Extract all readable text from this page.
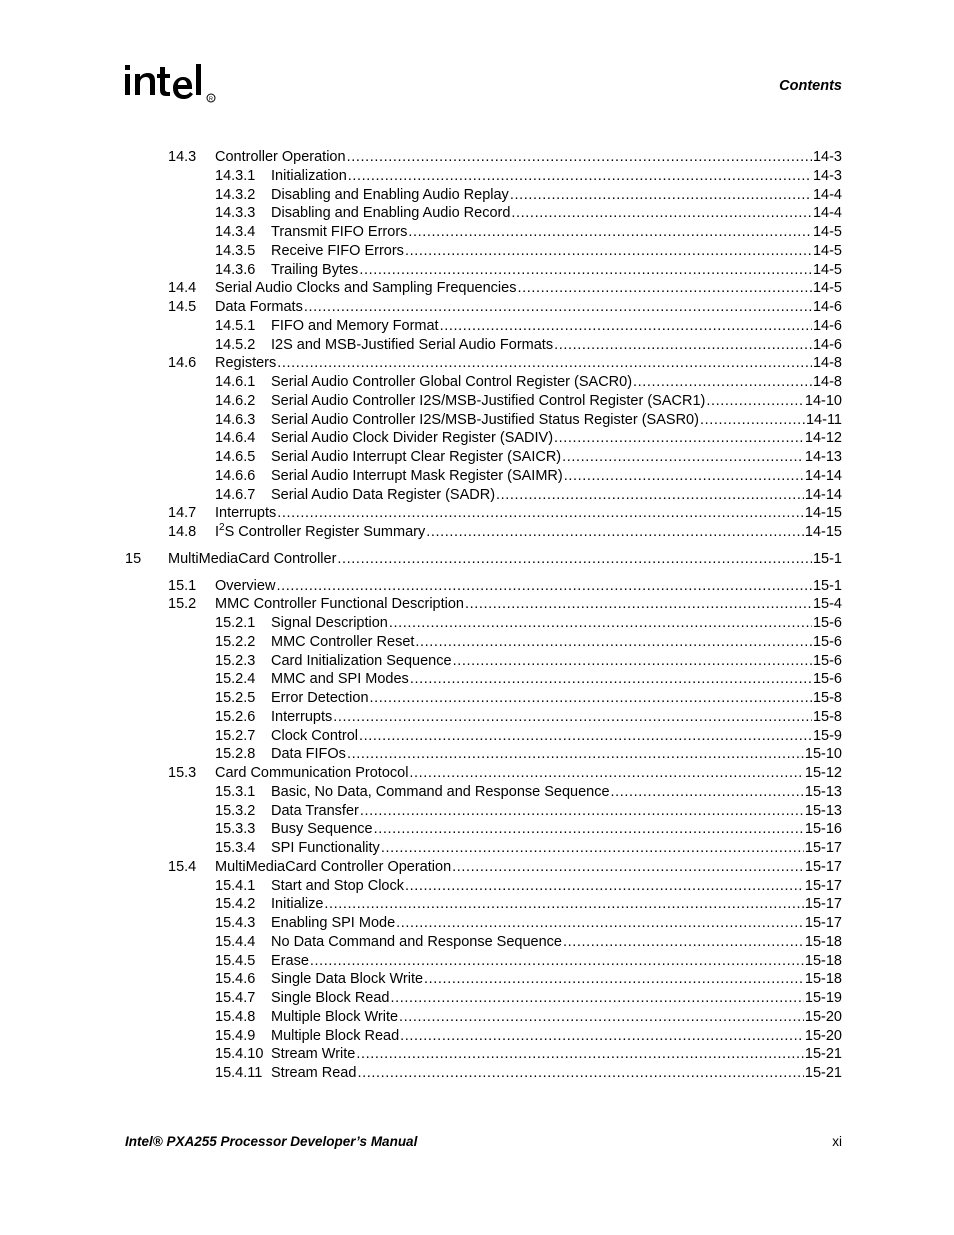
R
Contents
14.3 Controller Operation .....	14-3
14.3.1 Initialization .....	14-3
14.3.2 Disabling and Enabling Audio Replay .....	14-4
14.3.3 Disabling and Enabling Audio Record .....	14-4
14.3.4 Transmit FIFO Errors .....	14-5
14.3.5 Receive FIFO Errors .....	14-5
14.3.6 Trailing Bytes .....	14-5
14.4 Serial Audio Clocks and Sampling Frequencies .....	14-5
14.5 Data Formats .....	14-6
14.5.1 FIFO and Memory Format .....	14-6
14.5.2 I2S and MSB-Justified Serial Audio Formats .....	14-6
14.6 Registers .....	14-8
14.6.1 Serial Audio Controller Global Control Register (SACR0) .....	14-8
14.6.2 Serial Audio Controller I2S/MSB-Justified Control Register (SACR1) .....	14-10
14.6.3 Serial Audio Controller I2S/MSB-Justified Status Register (SASR0) .....	14-11
14.6.4 Serial Audio Clock Divider Register (SADIV) .....	14-12
14.6.5 Serial Audio Interrupt Clear Register (SAICR) .....	14-13
14.6.6 Serial Audio Interrupt Mask Register (SAIMR) .....	14-14
14.6.7 Serial Audio Data Register (SADR) .....	14-14
14.7 Interrupts .....	14-15
14.8 $I^2S$ Controller Register Summary .....	14-15
15 MultiMediaCard Controller .....	15-1
15.1 Overview .....	15-1
15.2 MMC Controller Functional Description .....	15-4
15.2.1 Signal Description .....	15-6
15.2.2 MMC Controller Reset .....	15-6
15.2.3 Card Initialization Sequence .....	15-6
15.2.4 MMC and SPI Modes .....	15-6
15.2.5 Error Detection .....	15-8
15.2.6 Interrupts .....	15-8
15.2.7 Clock Control .....	15-9
15.2.8 Data FIFOs .....	15-10
15.3 Card Communication Protocol .....	15-12
15.3.1 Basic, No Data, Command and Response Sequence .....	15-13
15.3.2 Data Transfer .....	15-13
15.3.3 Busy Sequence .....	15-16
15.3.4 SPI Functionality .....	15-17
15.4 MultiMediaCard Controller Operation .....	15-17
15.4.1 Start and Stop Clock .....	15-17
15.4.2 Initialize .....	15-17
15.4.3 Enabling SPI Mode .....	15-17
15.4.4 No Data Command and Response Sequence .....	15-18
15.4.5 Erase .....	15-18
15.4.6 Single Data Block Write .....	15-18
15.4.7 Single Block Read .....	15-19
15.4.8 Multiple Block Write .....	15-20
15.4.9 Multiple Block Read .....	15-20
15.4.10 Stream Write .....	15-21
15.4.11 Stream Read .....	15-21
Intel® PXA255 Processor Developer’s Manual	xi
